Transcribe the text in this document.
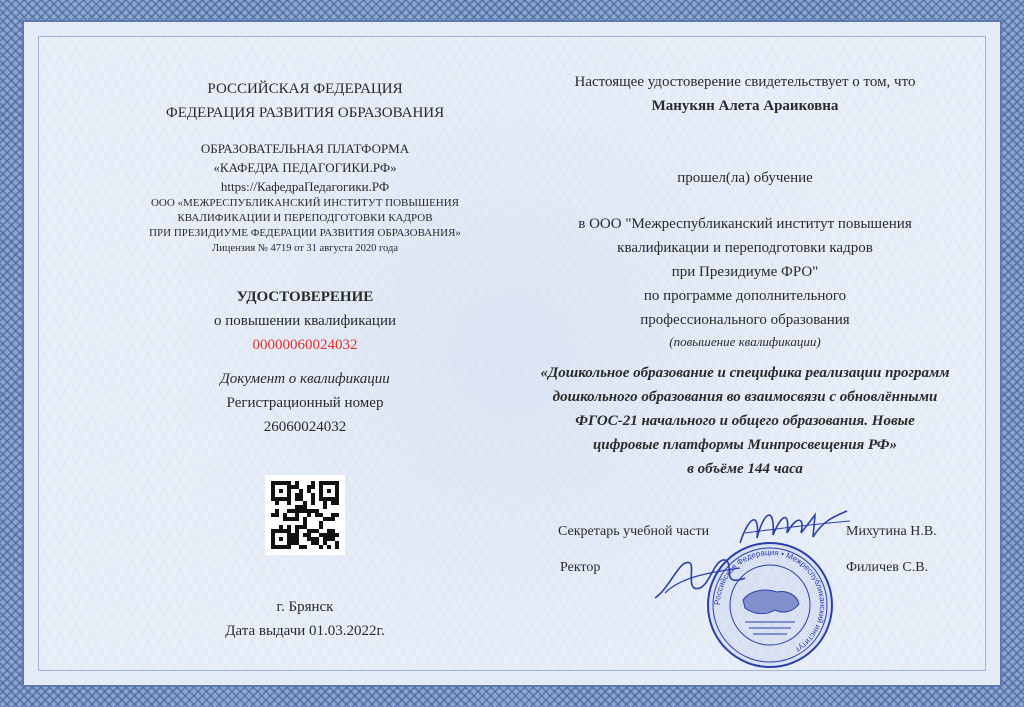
РОССИЙСКАЯ ФЕДЕРАЦИЯ

ФЕДЕРАЦИЯ РАЗВИТИЯ ОБРАЗОВАНИЯ

ОБРАЗОВАТЕЛЬНАЯ ПЛАТФОРМА

«КАФЕДРА ПЕДАГОГИКИ.РФ»

https://КафедраПедагогики.РФ

ООО «МЕЖРЕСПУБЛИКАНСКИЙ ИНСТИТУТ ПОВЫШЕНИЯ

КВАЛИФИКАЦИИ И ПЕРЕПОДГОТОВКИ КАДРОВ

ПРИ ПРЕЗИДИУМЕ ФЕДЕРАЦИИ РАЗВИТИЯ ОБРАЗОВАНИЯ»

Лицензия № 4719 от 31 августа 2020 года

УДОСТОВЕРЕНИЕ

о повышении квалификации

00000060024032

Документ о квалификации

Регистрационный номер

26060024032

г. Брянск

Дата выдачи 01.03.2022г.

Настоящее удостоверение свидетельствует о том, что

Манукян Алета Араиковна

прошел(ла) обучение

в ООО "Межреспубликанский институт повышения

квалификации и переподготовки кадров

при Президиуме ФРО"

по программе дополнительного

профессионального образования

(повышение квалификации)

«Дошкольное образование и специфика реализации программ

дошкольного образования во взаимосвязи с обновлёнными

ФГОС-21 начального и общего образования. Новые

цифровые платформы Минпросвещения РФ»

в объёме 144 часа

Секретарь учебной части	Михутина Н.В.
Ректор	Филичев С.В.
Российская Федерация • Межреспубликанский институт
